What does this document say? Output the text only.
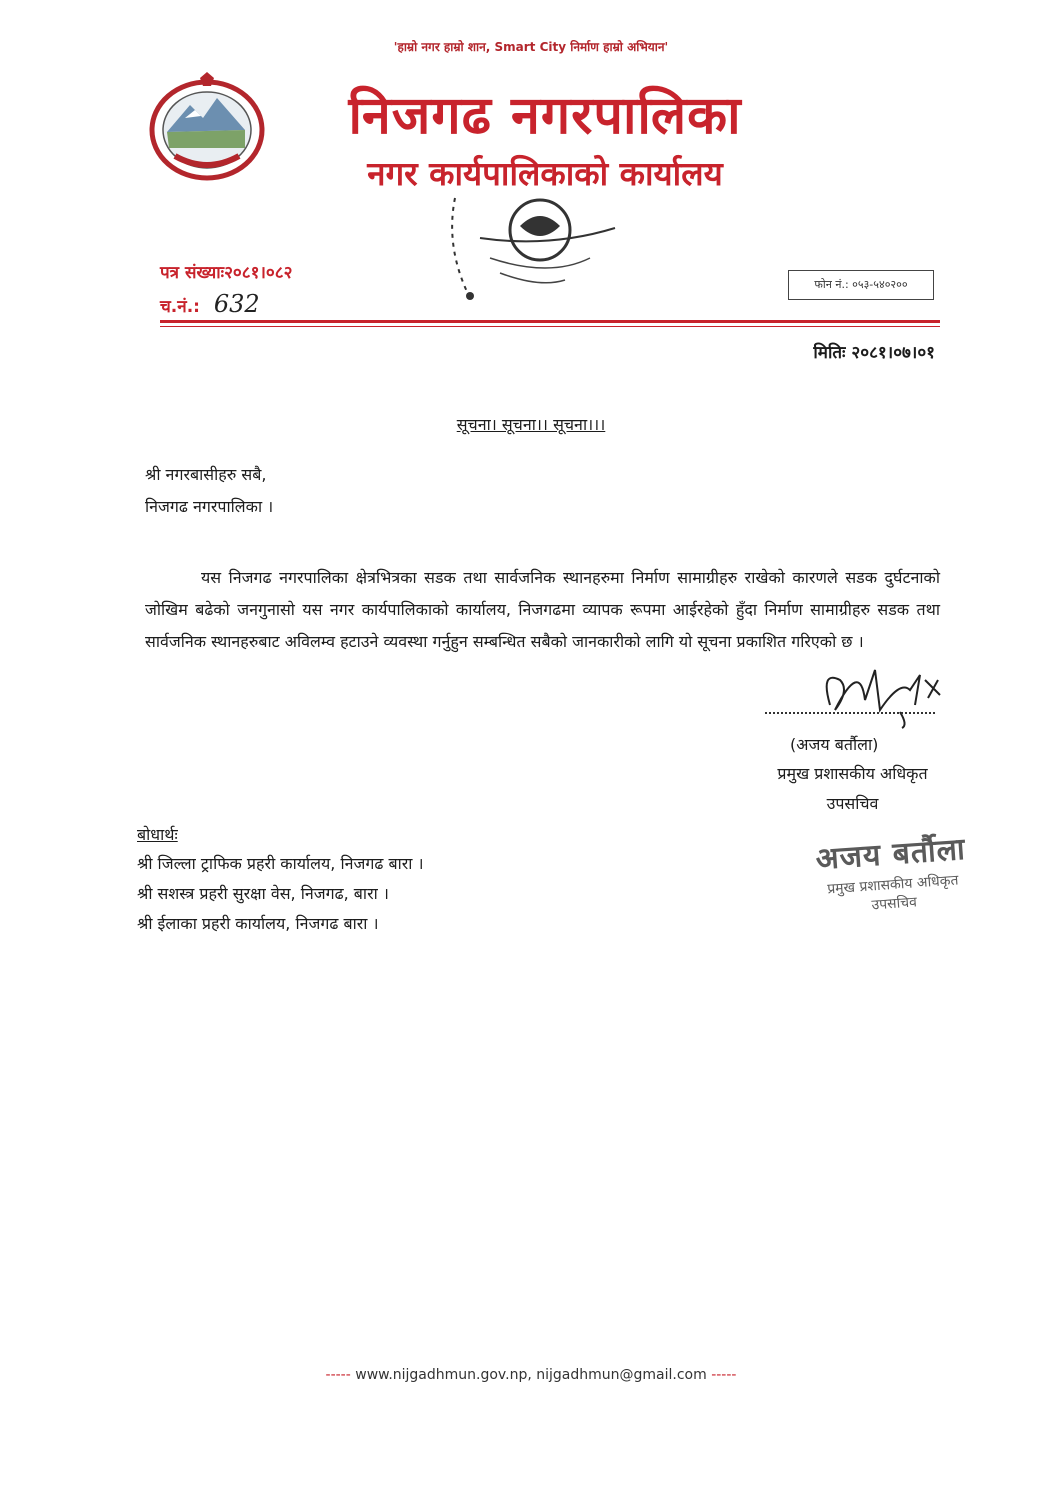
'हाम्रो नगर हाम्रो शान, Smart City निर्माण हाम्रो अभियान'
निजगढ नगरपालिका
नगर कार्यपालिकाको कार्यालय
पत्र संख्याः२०८१।०८२
च.नं.: 632
फोन नं.: ०५३-५४०२००
मितिः २०८१।०७।०१
सूचना। सूचना।। सूचना।।।
श्री नगरबासीहरु सबै,
निजगढ नगरपालिका ।
यस निजगढ नगरपालिका क्षेत्रभित्रका सडक तथा सार्वजनिक स्थानहरुमा निर्माण सामाग्रीहरु राखेको कारणले सडक दुर्घटनाको जोखिम बढेको जनगुनासो यस नगर कार्यपालिकाको कार्यालय, निजगढमा व्यापक रूपमा आईरहेको हुँदा निर्माण सामाग्रीहरु सडक तथा सार्वजनिक स्थानहरुबाट अविलम्व हटाउने व्यवस्था गर्नुहुन सम्बन्धित सबैको जानकारीको लागि यो सूचना प्रकाशित गरिएको छ ।
(अजय बर्तौला)
प्रमुख प्रशासकीय अधिकृत
उपसचिव
बोधार्थः
श्री जिल्ला ट्राफिक प्रहरी कार्यालय, निजगढ बारा ।
श्री सशस्त्र प्रहरी सुरक्षा वेस, निजगढ, बारा ।
श्री ईलाका प्रहरी कार्यालय, निजगढ बारा ।
अजय बर्तौला
प्रमुख प्रशासकीय अधिकृत
उपसचिव
----- www.nijgadhmun.gov.np, nijgadhmun@gmail.com -----
